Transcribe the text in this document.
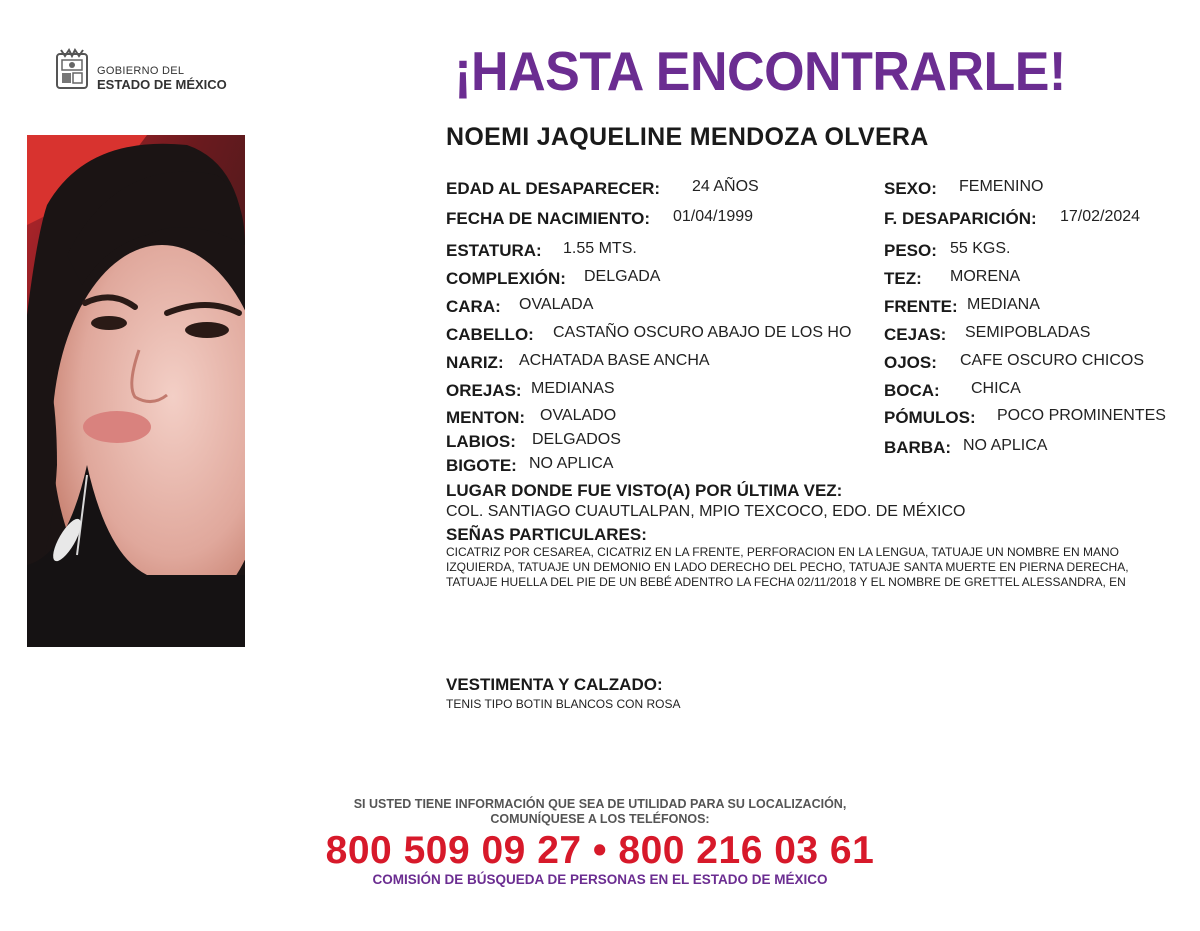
GOBIERNO DEL
ESTADO DE MÉXICO	¡HASTA ENCONTRARLE!
NOEMI JAQUELINE MENDOZA OLVERA
EDAD AL DESAPARECER: 24 AÑOS
FECHA DE NACIMIENTO: 01/04/1999
ESTATURA: 1.55 MTS.
COMPLEXIÓN: DELGADA
CARA: OVALADA
CABELLO: CASTAÑO OSCURO ABAJO DE LOS HO
NARIZ: ACHATADA BASE ANCHA
OREJAS: MEDIANAS
MENTON: OVALADO
LABIOS: DELGADOS
BIGOTE: NO APLICA
SEXO: FEMENINO
F. DESAPARICIÓN: 17/02/2024
PESO: 55 KGS.
TEZ: MORENA
FRENTE: MEDIANA
CEJAS: SEMIPOBLADAS
OJOS: CAFE OSCURO CHICOS
BOCA: CHICA
PÓMULOS: POCO PROMINENTES
BARBA: NO APLICA
LUGAR DONDE FUE VISTO(A) POR ÚLTIMA VEZ:
COL. SANTIAGO CUAUTLALPAN, MPIO TEXCOCO, EDO. DE MÉXICO
SEÑAS PARTICULARES:
CICATRIZ POR CESAREA, CICATRIZ EN LA FRENTE, PERFORACION EN LA LENGUA, TATUAJE UN NOMBRE EN MANO
IZQUIERDA, TATUAJE UN DEMONIO EN LADO DERECHO DEL PECHO, TATUAJE SANTA MUERTE EN PIERNA DERECHA,
TATUAJE HUELLA DEL PIE DE UN BEBÉ ADENTRO LA FECHA 02/11/2018 Y EL NOMBRE DE GRETTEL ALESSANDRA, EN
VESTIMENTA Y CALZADO:
TENIS TIPO BOTIN BLANCOS CON ROSA
SI USTED TIENE INFORMACIÓN QUE SEA DE UTILIDAD PARA SU LOCALIZACIÓN,
COMUNÍQUESE A LOS TELÉFONOS:
800 509 09 27 • 800 216 03 61
COMISIÓN DE BÚSQUEDA DE PERSONAS EN EL ESTADO DE MÉXICO
